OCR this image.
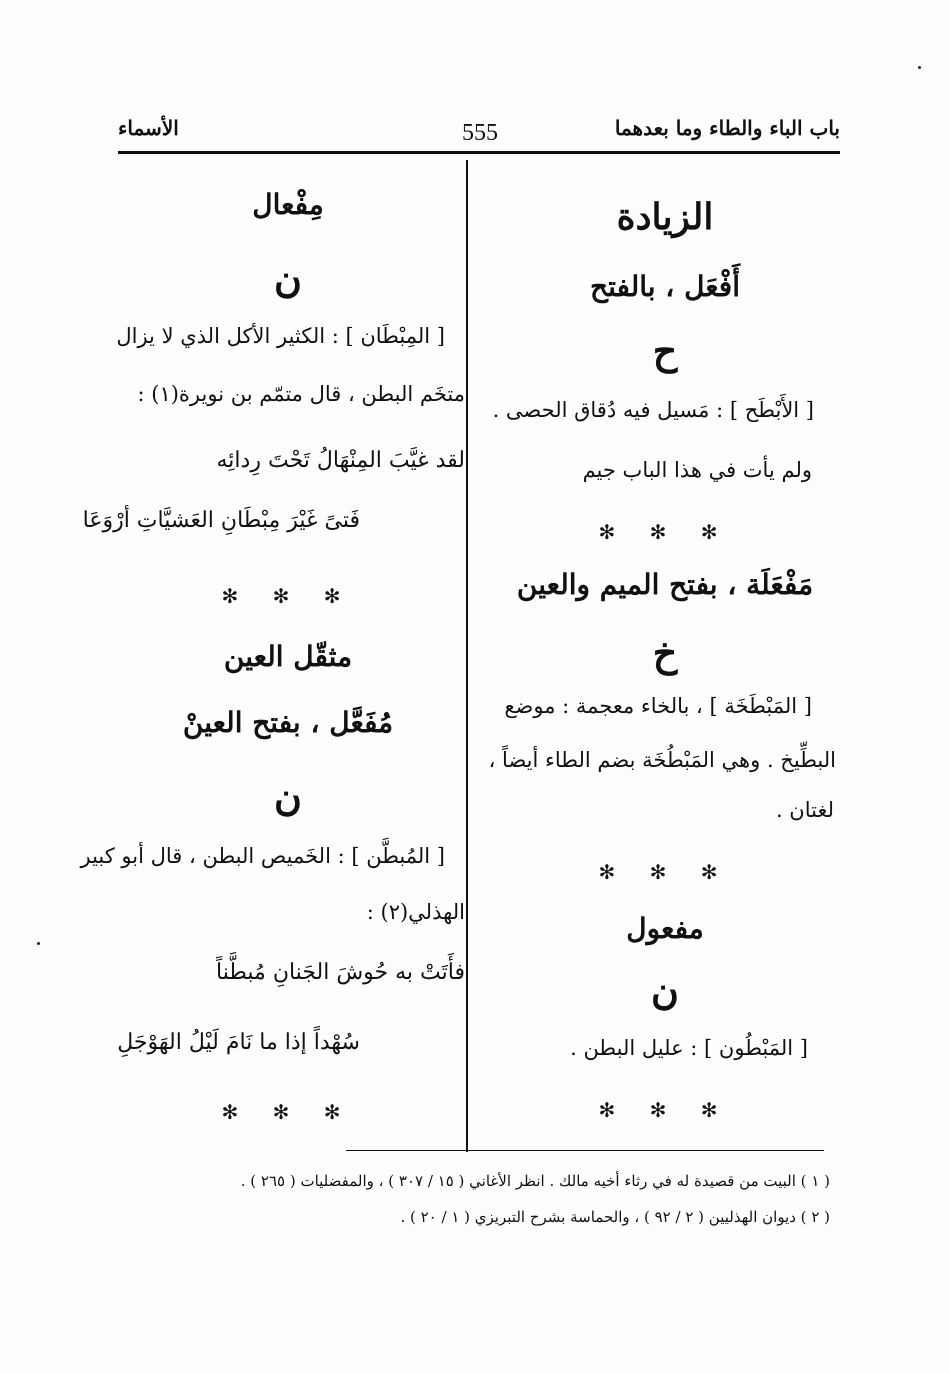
باب الباء والطاء وما بعدهما
555
الأسماء
الزيادة
أَفْعَل ، بالفتح
ح
[ الأَبْطَح ] : مَسيل فيه دُقاق الحصى .
ولم يأت في هذا الباب جيم
✻ ✻ ✻
مَفْعَلَة ، بفتح الميم والعين
خ
[ المَبْطَخَة ] ، بالخاء معجمة : موضع
البطِّيخ . وهي المَبْطُخَة بضم الطاء أيضاً ،
لغتان .
✻ ✻ ✻
مفعول
ن
[ المَبْطُون ] : عليل البطن .
✻ ✻ ✻
مِفْعال
ن
[ المِبْطَان ] : الكثير الأكل الذي لا يزال
متخَم البطن ، قال متمّم بن نويرة(١) :
لقد غيَّبَ المِنْهَالُ تَحْتَ رِدائِه
فَتىً غَيْرَ مِبْطَانِ العَشيَّاتِ أرْوَعَا
✻ ✻ ✻
مثقّل العين
مُفَعَّل ، بفتح العينْ
ن
[ المُبطَّن ] : الخَميص البطن ، قال أبو كبير
الهذلي(٢) :
فأَتَتْ به حُوشَ الجَنانِ مُبطَّناً
سُهْداً إذا ما نَامَ لَيْلُ الهَوْجَلِ
✻ ✻ ✻
( ١ ) البيت من قصيدة له في رثاء أخيه مالك . انظر الأغاني ( ١٥ / ٣٠٧ ) ، والمفضليات ( ٢٦٥ ) .
( ٢ ) ديوان الهذليين ( ٢ / ٩٢ ) ، والحماسة بشرح التبريزي ( ١ / ٢٠ ) .
